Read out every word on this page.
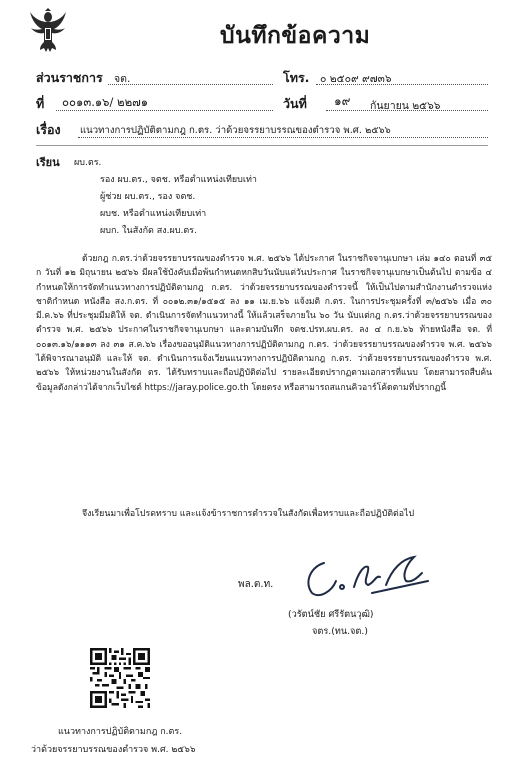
บันทึกข้อความ
ส่วนราชการ จต.	โทร. ๐ ๒๕๐๙ ๙๗๓๖
ที่ ๐๐๑๓.๑๖/ ๒๒๗๑	วันที่ ๑๙ กันยายน ๒๕๖๖
เรื่อง แนวทางการปฏิบัติตามกฎ ก.ตร. ว่าด้วยจรรยาบรรณของตำรวจ พ.ศ. ๒๕๖๖
เรียน ผบ.ตร.
รอง ผบ.ตร., จตช. หรือตำแหน่งเทียบเท่า
ผู้ช่วย ผบ.ตร., รอง จตช.
ผบช. หรือตำแหน่งเทียบเท่า
ผบก. ในสังกัด สง.ผบ.ตร.
ด้วยกฎ ก.ตร.ว่าด้วยจรรยาบรรณของตำรวจ พ.ศ. ๒๕๖๖ ได้ประกาศ ในราชกิจจานุเบกษา เล่ม ๑๔๐ ตอนที่ ๓๕ ก วันที่ ๑๒ มิถุนายน ๒๕๖๖ มีผลใช้บังคับเมื่อพ้นกำหนดหกสิบวันนับแต่วันประกาศ ในราชกิจจานุเบกษาเป็นต้นไป ตามข้อ ๔ กำหนดให้การจัดทำแนวทางการปฏิบัติตามกฎ ก.ตร. ว่าด้วยจรรยาบรรณของตำรวจนี้ ให้เป็นไปตามสำนักงานตำรวจแห่งชาติกำหนด หนังสือ สง.ก.ตร. ที่ ๐๐๑๒.๓๑/๑๕๑๕ ลง ๑๑ เม.ย.๖๖ แจ้งมติ ก.ตร. ในการประชุมครั้งที่ ๓/๒๕๖๖ เมื่อ ๓๐ มี.ค.๖๖ ที่ประชุมมีมติให้ จต. ดำเนินการจัดทำแนวทางนี้ ให้แล้วเสร็จภายใน ๖๐ วัน นับแต่กฎ ก.ตร.ว่าด้วยจรรยาบรรณของตำรวจ พ.ศ. ๒๕๖๖ ประกาศในราชกิจจานุเบกษา และตามบันทึก จตช.ปรท.ผบ.ตร. ลง ๔ ก.ย.๖๖ ท้ายหนังสือ จต. ที่ ๐๐๑๓.๑๖/๑๑๑๓ ลง ๓๑ ส.ค.๖๖ เรื่องขออนุมัติแนวทางการปฏิบัติตามกฎ ก.ตร. ว่าด้วยจรรยาบรรณของตำรวจ พ.ศ. ๒๕๖๖ ได้พิจารณาอนุมัติ และให้ จต. ดำเนินการแจ้งเวียนแนวทางการปฏิบัติตามกฎ ก.ตร. ว่าด้วยจรรยาบรรณของตำรวจ พ.ศ. ๒๕๖๖ ให้หน่วยงานในสังกัด ตร. ได้รับทราบและถือปฏิบัติต่อไป รายละเอียดปรากฏตามเอกสารที่แนบ โดยสามารถสืบค้นข้อมูลดังกล่าวได้จากเว็บไซต์ https://jaray.police.go.th โดยตรง หรือสามารถสแกนคิวอาร์โค้ดตามที่ปรากฏนี้
จึงเรียนมาเพื่อโปรดทราบ และแจ้งข้าราชการตำรวจในสังกัดเพื่อทราบและถือปฏิบัติต่อไป
พล.ต.ท.
(วรัตน์ชัย ศรีรัตนวุฒิ)
จตร.(ทน.จต.)
แนวทางการปฏิบัติตามกฎ ก.ตร.
ว่าด้วยจรรยาบรรณของตำรวจ พ.ศ. ๒๕๖๖
